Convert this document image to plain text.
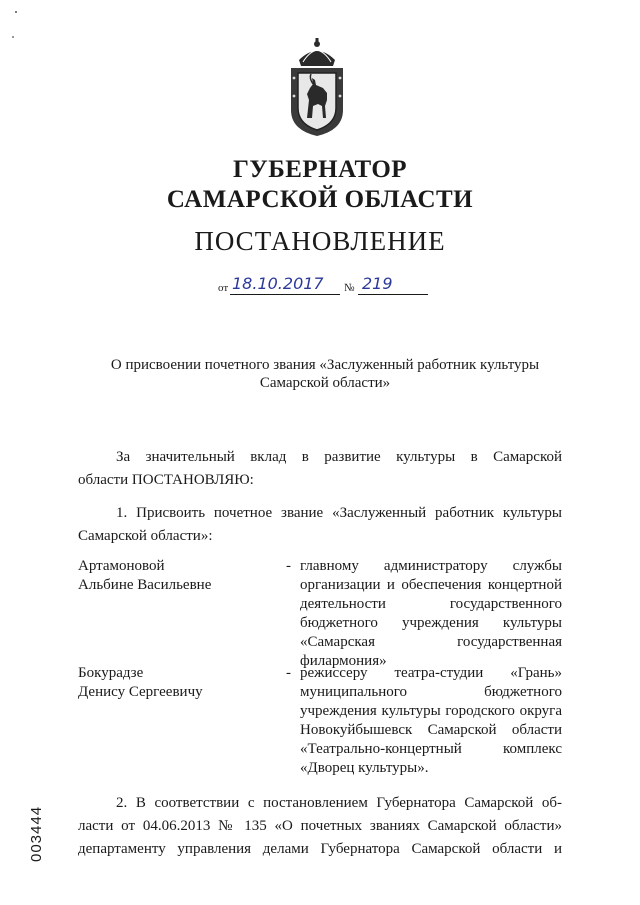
ГУБЕРНАТОР
САМАРСКОЙ ОБЛАСТИ
ПОСТАНОВЛЕНИЕ
от 18.10.2017 № 219
О присвоении почетного звания «Заслуженный работник культуры
Самарской области»
За значительный вклад в развитие культуры в Самарской
области ПОСТАНОВЛЯЮ:
1. Присвоить почетное звание «Заслуженный работник культуры
Самарской области»:
Артамоновой
Альбине Васильевне
- главному администратору службы организации и обеспечения концертной деятельности государственного бюджетного учреждения культуры «Самарская государственная филармония»
Бокурадзе
Денису Сергеевичу
- режиссеру театра-студии «Грань» муниципального бюджетного учреждения культуры городского округа Новокуйбышевск Самарской области «Театрально-концертный комплекс «Дворец культуры».
2. В соответствии с постановлением Губернатора Самарской об-
ласти от 04.06.2013 № 135 «О почетных званиях Самарской области»
департаменту управления делами Губернатора Самарской области и
003444
